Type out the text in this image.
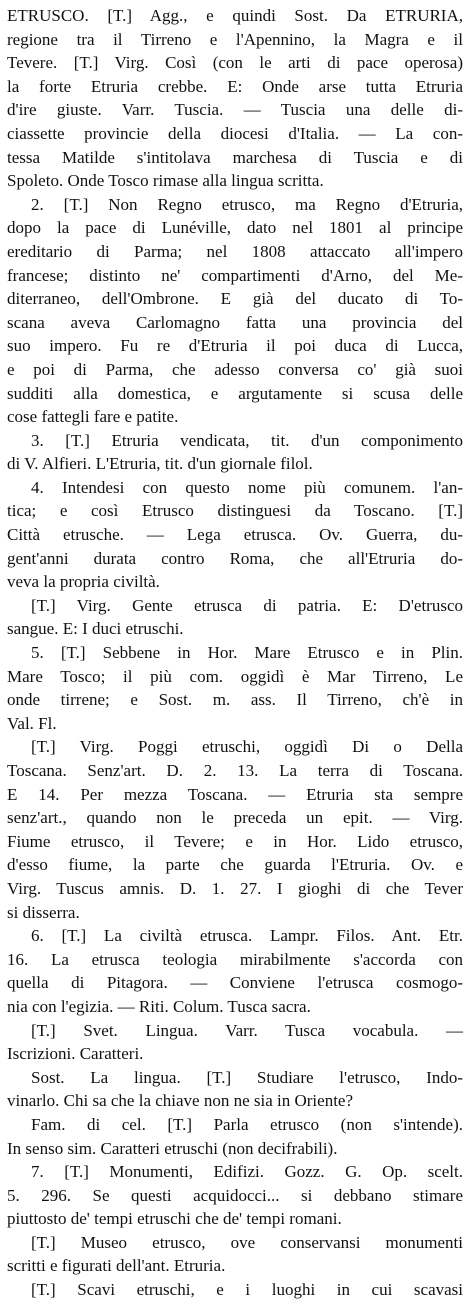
ETRUSCO. [T.] Agg., e quindi Sost. Da ETRURIA,
regione tra il Tirreno e l'Apennino, la Magra e il
Tevere. [T.] Virg. Così (con le arti di pace operosa)
la forte Etruria crebbe. E: Onde arse tutta Etruria
d'ire giuste. Varr. Tuscia. — Tuscia una delle di-
ciassette provincie della diocesi d'Italia. — La con-
tessa Matilde s'intitolava marchesa di Tuscia e di
Spoleto. Onde Tosco rimase alla lingua scritta.
2. [T.] Non Regno etrusco, ma Regno d'Etruria,
dopo la pace di Lunéville, dato nel 1801 al principe
ereditario di Parma; nel 1808 attaccato all'impero
francese; distinto ne' compartimenti d'Arno, del Me-
diterraneo, dell'Ombrone. E già del ducato di To-
scana aveva Carlomagno fatta una provincia del
suo impero. Fu re d'Etruria il poi duca di Lucca,
e poi di Parma, che adesso conversa co' già suoi
sudditi alla domestica, e argutamente si scusa delle
cose fattegli fare e patite.
3. [T.] Etruria vendicata, tit. d'un componimento
di V. Alfieri. L'Etruria, tit. d'un giornale filol.
4. Intendesi con questo nome più comunem. l'an-
tica; e così Etrusco distinguesi da Toscano. [T.]
Città etrusche. — Lega etrusca. Ov. Guerra, du-
gent'anni durata contro Roma, che all'Etruria do-
veva la propria civiltà.
[T.] Virg. Gente etrusca di patria. E: D'etrusco
sangue. E: I duci etruschi.
5. [T.] Sebbene in Hor. Mare Etrusco e in Plin.
Mare Tosco; il più com. oggidì è Mar Tirreno, Le
onde tirrene; e Sost. m. ass. Il Tirreno, ch'è in
Val. Fl.
[T.] Virg. Poggi etruschi, oggidì Di o Della
Toscana. Senz'art. D. 2. 13. La terra di Toscana.
E 14. Per mezza Toscana. — Etruria sta sempre
senz'art., quando non le preceda un epit. — Virg.
Fiume etrusco, il Tevere; e in Hor. Lido etrusco,
d'esso fiume, la parte che guarda l'Etruria. Ov. e
Virg. Tuscus amnis. D. 1. 27. I gioghi di che Tever
si disserra.
6. [T.] La civiltà etrusca. Lampr. Filos. Ant. Etr.
16. La etrusca teologia mirabilmente s'accorda con
quella di Pitagora. — Conviene l'etrusca cosmogo-
nia con l'egizia. — Riti. Colum. Tusca sacra.
[T.] Svet. Lingua. Varr. Tusca vocabula. —
Iscrizioni. Caratteri.
Sost. La lingua. [T.] Studiare l'etrusco, Indo-
vinarlo. Chi sa che la chiave non ne sia in Oriente?
Fam. di cel. [T.] Parla etrusco (non s'intende).
In senso sim. Caratteri etruschi (non decifrabili).
7. [T.] Monumenti, Edifizi. Gozz. G. Op. scelt.
5. 296. Se questi acquidocci... si debbano stimare
piuttosto de' tempi etruschi che de' tempi romani.
[T.] Museo etrusco, ove conservansi monumenti
scritti e figurati dell'ant. Etruria.
[T.] Scavi etruschi, e i luoghi in cui scavasi
